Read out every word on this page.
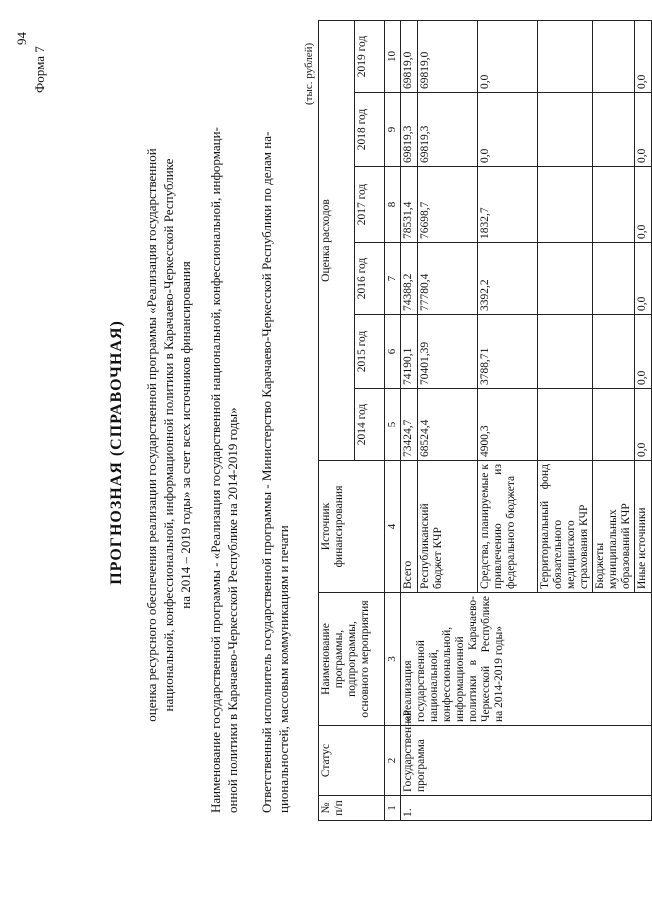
94
Форма 7
ПРОГНОЗНАЯ (СПРАВОЧНАЯ) оценка ресурсного обеспечения реализации государственной программы «Реализация государственной национальной, конфессиональной, информационной политики в Карачаево-Черкесской Республике на 2014 – 2019 годы» за счет всех источников финансирования Наименование государственной программы - «Реализация государственной национальной, конфессиональной, информаци- онной политики в Карачаево-Черкесской Республике на 2014-2019 годы» Ответственный исполнитель государственной программы - Министерство Карачаево-Черкесской Республики по делам на- циональностей, массовым коммуникациям и печати
(тыс. рублей)
№ п/п	Статус	Наименование программы, подпрограммы, основного мероприятия	Источник финансирования	Оценка расходов					
				2014 год	2015 год	2016 год	2017 год	2018 год	2019 год
1	2	3	4	5	6	7	8	9	10
1.	Государственная программа	«Реализация государственной национальной, конфессиональной, информационной политики в Карачаево-Черкесской Республике на 2014-2019 годы»	Всего	73424,7	74190,1	74388,2	78531,4	69819,3	69819,0
			Республиканский бюджет КЧР	68524,4	70401,39	77780,4	76698,7	69819,3	69819,0
			Средства, планируемые к привлечению из федерального бюджета	4900,3	3788,71	3392,2	1832,7	0,0	0,0
			Территориальный фонд обязательного медицинского страхования КЧР						
			Бюджеты муниципальных образований КЧР						
			Иные источники	0,0	0,0	0,0	0,0	0,0	0,0
